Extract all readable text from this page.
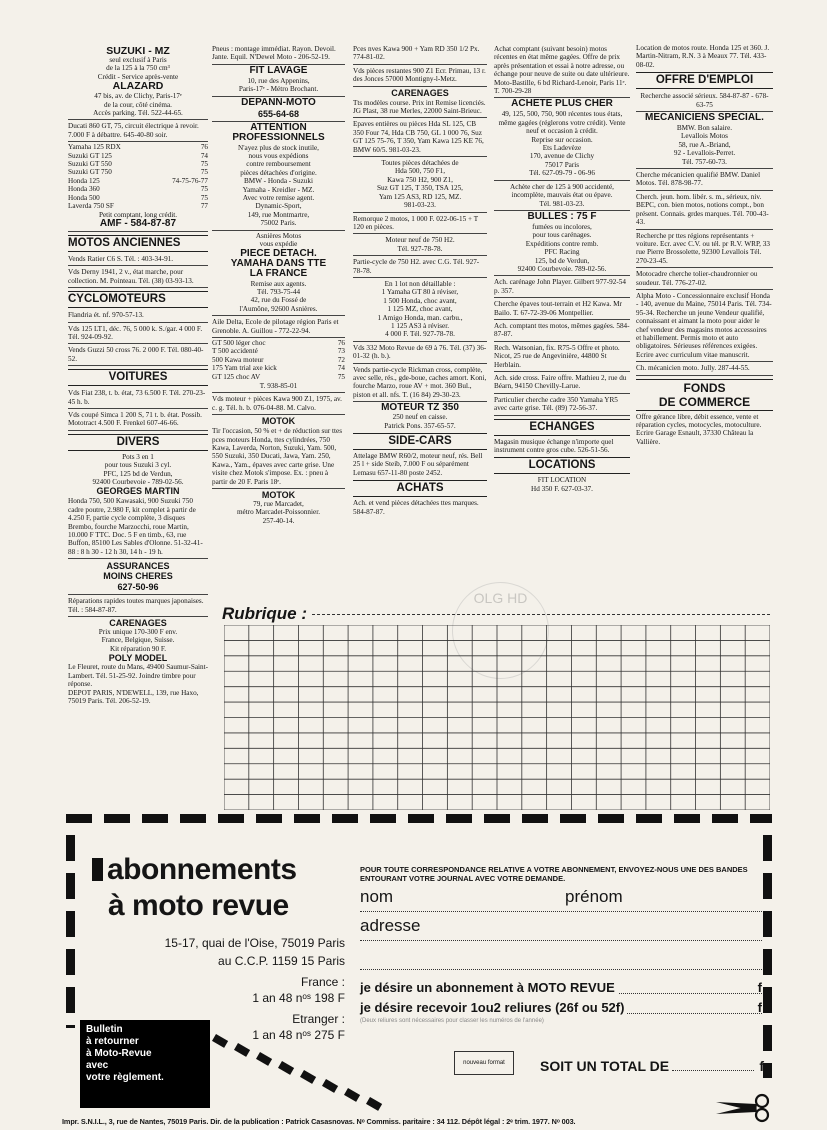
SUZUKI - MZ
seul exclusif à Paris
de la 125 à la 750 cm³
Crédit - Service après-vente
ALAZARD
47 bis, av. de Clichy, Paris-17ᵉ
de la cour, côté cinéma.
Accès parking. Tél. 522-44-65.
Ducati 860 GT, 75, circuit électrique à revoir. 7.000 F à débattre. 645-40-80 soir.
Yamaha 125 RDX	76
Suzuki GT 125	74
Suzuki GT 550	75
Suzuki GT 750	75
Honda 125	74-75-76-77
Honda 360	75
Honda 500	75
Laverda 750 SF	77
Petit comptant, long crédit.
AMF - 584-87-87
MOTOS ANCIENNES
Vends Ratier C6 S. Tél. : 403-34-91.
Vds Derny 1941, 2 v., état marche, pour collection. M. Pointeau. Tél. (38) 03-93-13.
CYCLOMOTEURS
Flandria ét. nf. 970-57-13.
Vds 125 LT1, déc. 76, 5 000 k. S./gar. 4 000 F. Tél. 924-09-92.
Vends Guzzi 50 cross 76. 2 000 F. Tél. 080-40-52.
VOITURES
Vds Fiat 238, t. b. état, 73 6.500 F. Tél. 270-23-45 h. b.
Vds coupé Simca 1 200 S, 71 t. b. état. Possib. Mototract 4.500 F. Frenkel 607-46-66.
DIVERS
Pots 3 en 1
pour tous Suzuki 3 cyl.
PFC, 125 bd de Verdun,
92400 Courbevoie - 789-02-56.
GEORGES MARTIN
Honda 750, 500 Kawasaki, 900 Suzuki 750 cadre poutre, 2.980 F, kit complet à partir de 4.250 F, partie cycle complète, 3 disques Brembo, fourche Marzocchi, roue Martin, 10.000 F TTC. Doc. 5 F en timb., 63, rue Buffon, 85100 Les Sables d'Olonne. 51-32-41-88 : 8 h 30 - 12 h 30, 14 h - 19 h.
ASSURANCES
MOINS CHERES
627-50-96
Réparations rapides toutes marques japonaises. Tél. : 584-87-87.
CARENAGES
Prix unique 170-300 F env.
France, Belgique, Suisse.
Kit réparation 90 F.
POLY MODEL
Le Fleuret, route du Mans, 49400 Saumur-Saint-Lambert. Tél. 51-25-92. Joindre timbre pour réponse.
DEPOT PARIS, N'DEWELL, 139, rue Haxo, 75019 Paris. Tél. 206-52-19.
Pneus : montage immédiat. Rayon. Devoil. Jante. Equil. N'Dewel Moto - 206-52-19.
FIT LAVAGE
10, rue des Appenins,
Paris-17ᵉ - Métro Brochant.
DEPANN-MOTO
655-64-68
ATTENTION
PROFESSIONNELS
N'ayez plus de stock inutile,
nous vous expédions
contre remboursement
pièces détachées d'origine.
BMW - Honda - Suzuki
Yamaha - Kreidler - MZ.
Avec votre remise agent.
Dynamic-Sport,
149, rue Montmartre,
75002 Paris.
Asnières Motos
vous expédie
PIECE DETACH.
YAMAHA DANS TTE
LA FRANCE
Remise aux agents.
Tél. 793-75-44
42, rue du Fossé de
l'Aumône, 92600 Asnières.
Aile Delta, Ecole de pilotage région Paris et Grenoble. A. Guillou - 772-22-94.
GT 500 léger choc	76
T 500 accidenté	73
500 Kawa moteur	72
175 Yam trial axe kick	74
GT 125 choc AV	75
T. 938-85-01
Vds moteur + pièces Kawa 900 Z1, 1975, av. c. g. Tél. h. b. 076-04-88. M. Calvo.
MOTOK
Tir l'occasion, 50 % et + de réduction sur ttes pces moteurs Honda, ttes cylindrées, 750 Kawa, Laverda, Norton, Suzuki, Yam. 500, 550 Suzuki, 350 Ducati, Jawa, Yam. 250, Kawa., Yam., épaves avec carte grise. Une visite chez Motok s'impose. Ex. : pneu à partir de 20 F. Paris 18ᵉ.
MOTOK
79, rue Marcadet,
métro Marcadet-Poissonnier.
257-40-14.
Pces nves Kawa 900 + Yam RD 350 1/2 Px. 774-81-02.
Vds pièces restantes 900 Z1 Ecr. Primau, 13 r. des Jonces 57000 Montigny-l-Metz.
CARENAGES
Tts modèles course. Prix int Remise licenciés. JG Plast, 38 rue Merles, 22000 Saint-Brieuc.
Epaves entières ou pièces Hda SL 125, CB 350 Four 74, Hda CB 750, GL 1 000 76, Suz GT 125 75-76, T 350, Yam Kawa 125 KE 76, BMW 60/5. 981-03-23.
Toutes pièces détachées de
Hda 500, 750 F1,
Kawa 750 H2, 900 Z1,
Suz GT 125, T 350, TSA 125,
Yam 125 AS3, RD 125, MZ.
981-03-23.
Remorque 2 motos, 1 000 F. 022-06-15 + T 120 en pièces.
Moteur neuf de 750 H2.
Tél. 927-78-78.
Partie-cycle de 750 H2. avec C.G. Tél. 927-78-78.
En 1 lot non détaillable :
1 Yamaha GT 80 à réviser,
1 500 Honda, choc avant,
1 125 MZ, choc avant,
1 Amigo Honda, man. carbu.,
1 125 AS3 à réviser.
4 000 F. Tél. 927-78-78.
Vds 332 Moto Revue de 69 à 76. Tél. (37) 36-01-32 (h. b.).
Vends partie-cycle Rickman cross, complète, avec selle, rés., gde-boue, caches amort. Koni, fourche Marzo, roue AV + mot. 360 Bul., piston et all. nfs. T. (16 84) 29-30-23.
MOTEUR TZ 350
250 neuf en caisse.
Patrick Pons. 357-65-57.
SIDE-CARS
Attelage BMW R60/2, moteur neuf, rés. Bell 25 l + side Steib, 7.000 F ou séparément Lemasu 657-11-80 poste 2452.
ACHATS
Ach. et vend pièces détachées ttes marques. 584-87-87.
Achat comptant (suivant besoin) motos récentes en état même gagées. Offre de prix après présentation et essai à notre adresse, ou échange pour neuve de suite ou date ultérieure.
Moto-Bastille, 6 bd Richard-Lenoir, Paris 11ᵉ. T. 700-29-28
ACHETE PLUS CHER
49, 125, 500, 750, 900 récentes tous états, même gagées (réglerons votre crédit). Vente neuf et occasion à crédit.
Reprise sur occasion.
Ets Ladevèze
170, avenue de Clichy
75017 Paris
Tél. 627-09-79 - 06-96
Achète cher de 125 à 900 accidenté, incomplète, mauvais état ou épave.
Tél. 981-03-23.
BULLES : 75 F
fumées ou incolores,
pour tous carénages.
Expéditions contre remb.
PFC Racing
125, bd de Verdun,
92400 Courbevoie. 789-02-56.
Ach. carénage John Player. Gilbert 977-92-54 p. 357.
Cherche épaves tout-terrain et H2 Kawa. Mr Bailo. T. 67-72-39-06 Montpellier.
Ach. comptant ttes motos, mêmes gagées. 584-87-87.
Rech. Watsonian, fix. R75-5 Offre et photo. Nicot, 25 rue de Angevinière, 44800 St Herblain.
Ach. side cross. Faire offre. Mathieu 2, rue du Béarn, 94150 Chevilly-Larue.
Particulier cherche cadre 350 Yamaha YR5 avec carte grise. Tél. (89) 72-56-37.
ECHANGES
Magasin musique échange n'importe quel instrument contre gros cube. 526-51-56.
LOCATIONS
FIT LOCATION
Hd 350 F. 627-03-37.
Location de motos route. Honda 125 et 360. J. Martin-Nitram, R.N. 3 à Meaux 77. Tél. 433-08-02.
OFFRE D'EMPLOI
Recherche associé sérieux. 584-87-87 - 678-63-75
MECANICIENS SPECIAL.
BMW. Bon salaire.
Levallois Motos
58, rue A.-Briand,
92 - Levallois-Perret.
Tél. 757-60-73.
Cherche mécanicien qualifié BMW. Daniel Motos. Tél. 878-98-77.
Cherch. jeun. hom. libér. s. m., sérieux, niv. BEPC, con. bien motos, notions compt., bon présent. Connais. grdes marques. Tél. 700-43-43.
Recherche pr ttes régions représentants + voiture. Ecr. avec C.V. ou tél. pr R.V. WRP, 33 rue Pierre Brossolette, 92300 Levallois Tél. 270-23-45.
Motocadre cherche tolier-chaudronnier ou soudeur. Tél. 776-27-02.
Alpha Moto - Concessionnaire exclusif Honda - 140, avenue du Maine, 75014 Paris. Tél. 734-95-34. Recherche un jeune Vendeur qualifié, connaissant et aimant la moto pour aider le chef vendeur des magasins motos accessoires et habillement. Permis moto et auto obligatoires. Sérieuses références exigées. Ecrire avec curriculum vitae manuscrit.
Ch. mécanicien moto. Jully. 287-44-55.
FONDS
DE COMMERCE
Offre gérance libre, débit essence, vente et réparation cycles, motocycles, motoculture. Ecrire Garage Esnault, 37330 Château la Vallière.
OLG HD
Rubrique :
abonnements
à moto revue
15-17, quai de l'Oise, 75019 Paris
au C.C.P. 1159 15 Paris
France :
1 an 48 nᵒˢ 198 F
Etranger :
1 an 48 nᵒˢ 275 F
Bulletin
à retourner
à Moto-Revue
avec
votre règlement.
POUR TOUTE CORRESPONDANCE RELATIVE A VOTRE ABONNEMENT, ENVOYEZ-NOUS UNE DES BANDES ENTOURANT VOTRE JOURNAL AVEC VOTRE DEMANDE.
nom	prénom
adresse
je désire un abonnement à MOTO REVUE	f
je désire recevoir 1ou2 reliures (26f ou 52f)	f
(Deux reliures sont nécessaires pour classer les numéros de l'année)
nouveau format	SOIT UN TOTAL DE	f
Impr. S.N.I.L., 3, rue de Nantes, 75019 Paris. Dir. de la publication : Patrick Casasnovas. Nᵒ Commiss. paritaire : 34 112. Dépôt légal : 2ᵉ trim. 1977. Nᵒ 003.
